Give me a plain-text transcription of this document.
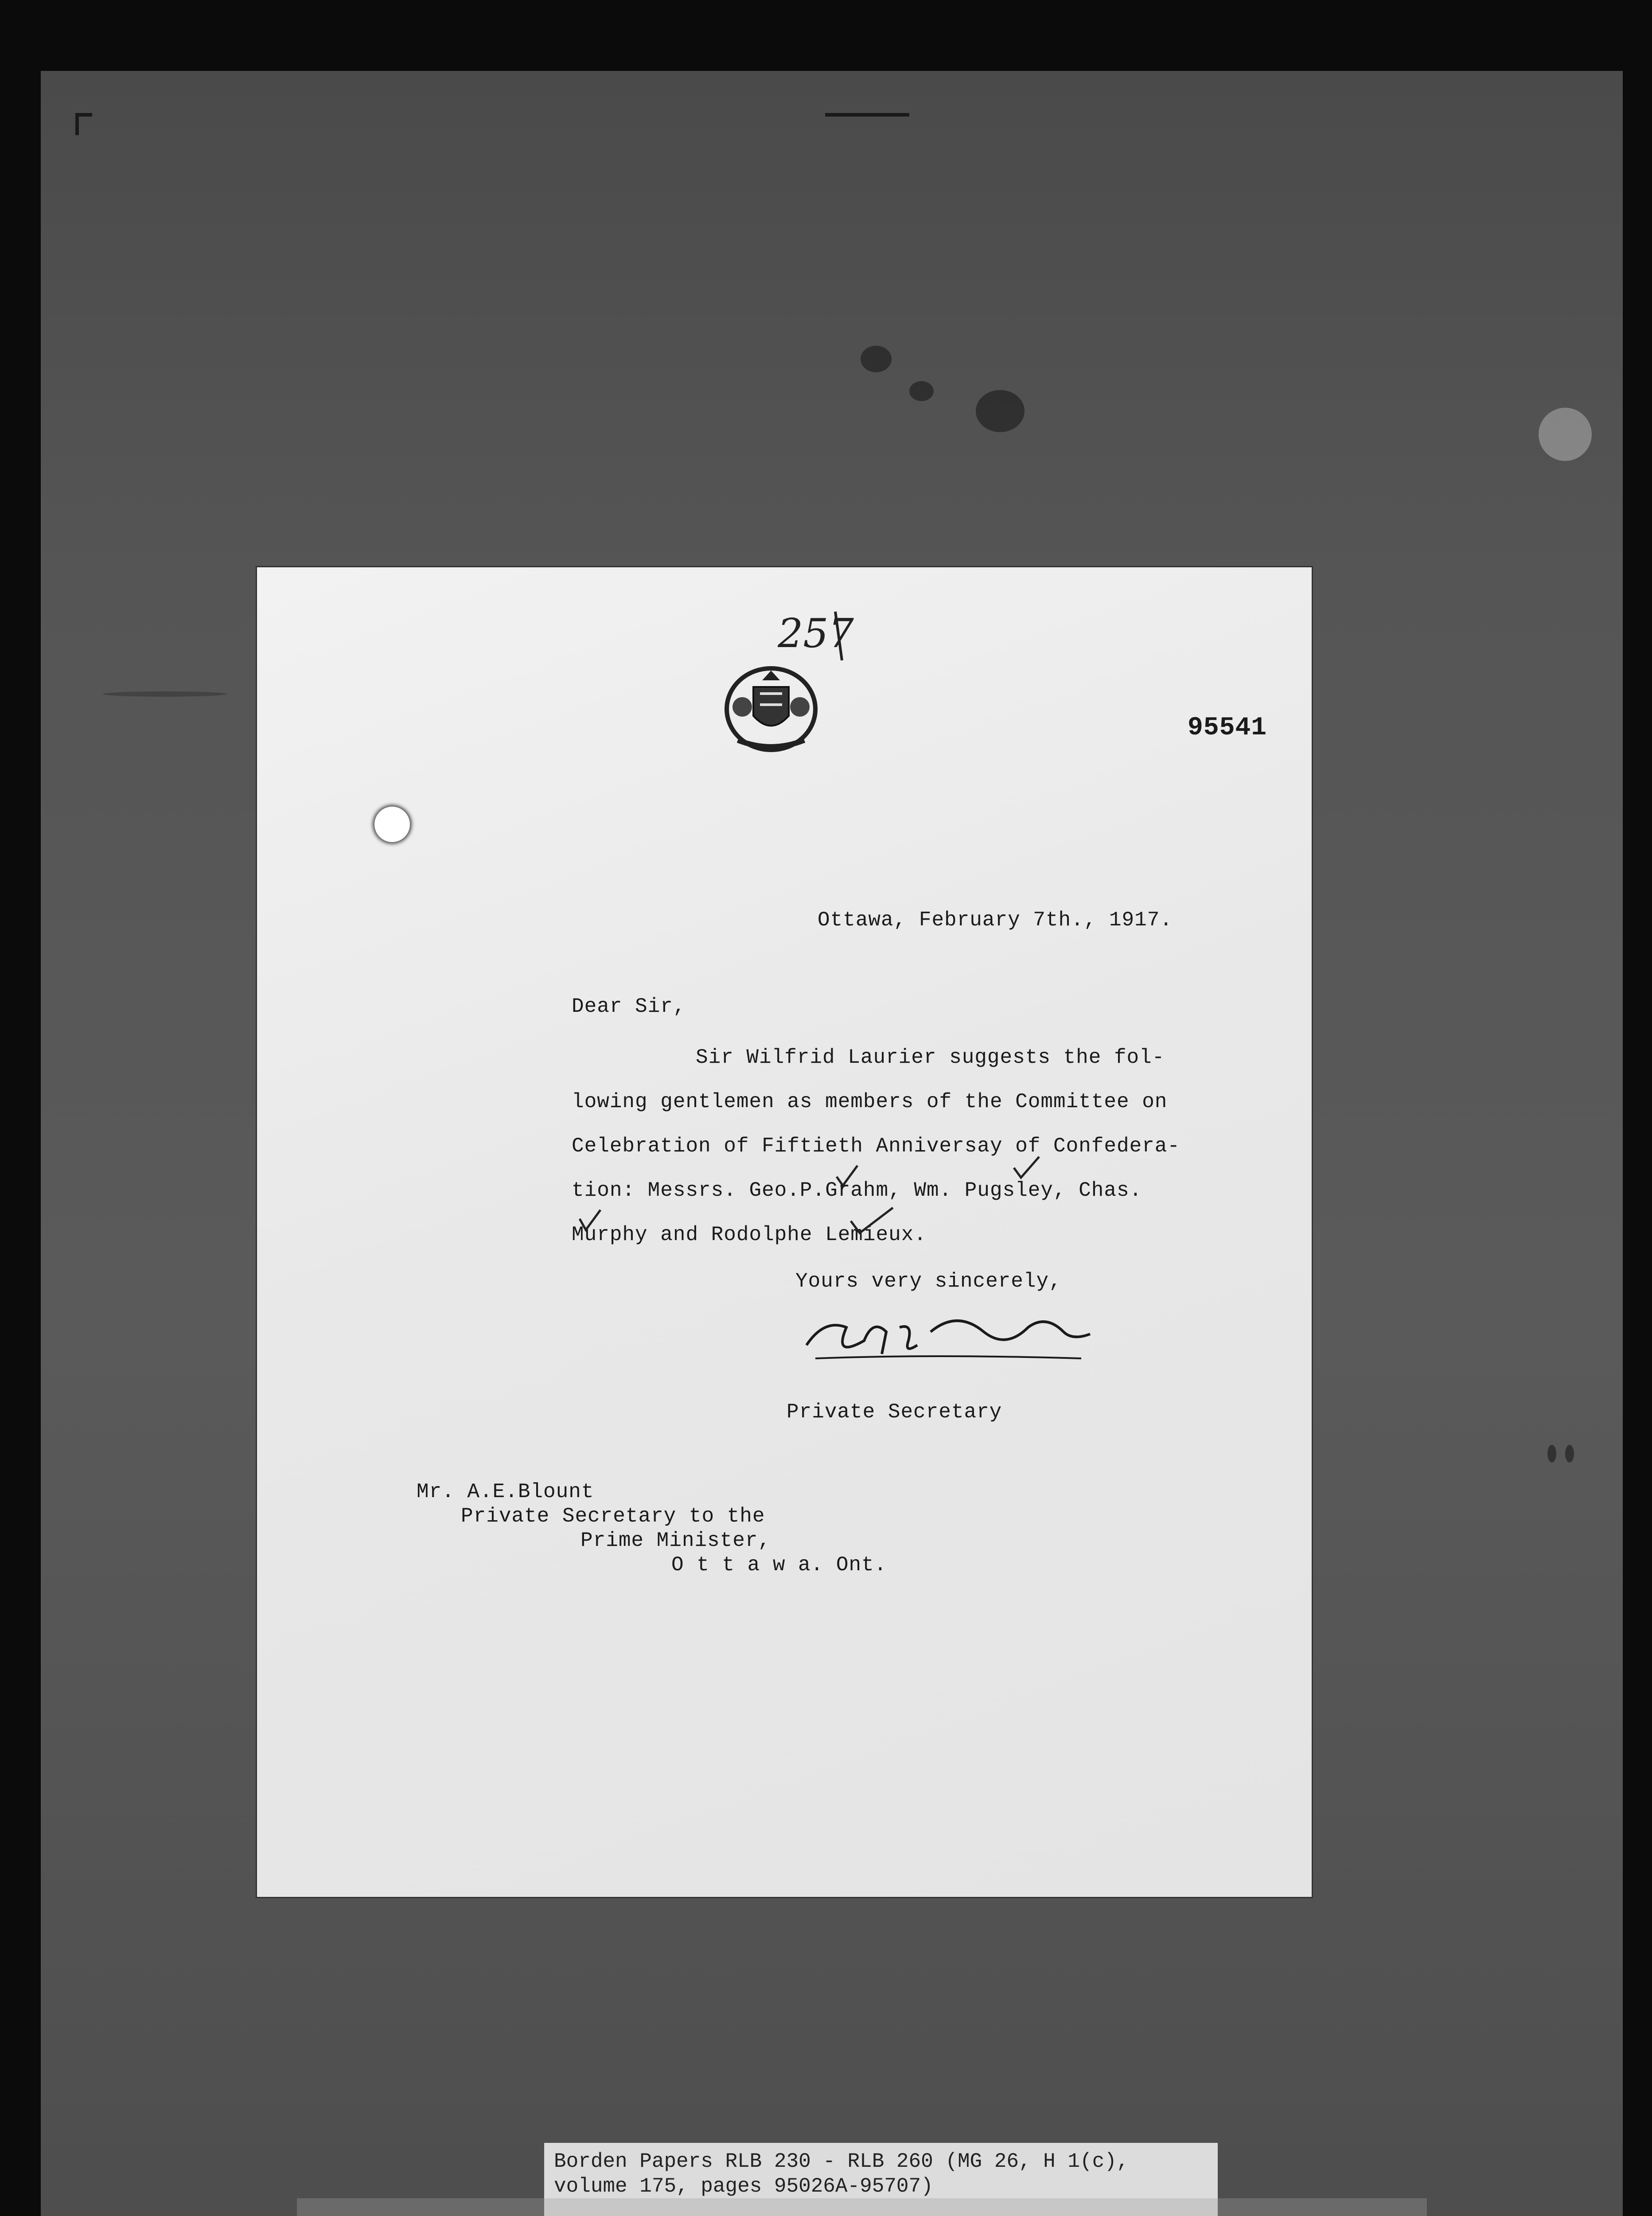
257
95541
Ottawa, February 7th., 1917.
Dear Sir,
Sir Wilfrid Laurier suggests the fol-
lowing gentlemen as members of the Committee on
Celebration of Fiftieth Anniversay of Confedera-
tion: Messrs. Geo.P.Grahm, Wm. Pugsley, Chas.
Murphy and Rodolphe Lemieux.
Yours very sincerely,
Private Secretary
Mr. A.E.Blount
Private Secretary to the
Prime Minister,
O t t a w a. Ont.
Borden Papers RLB 230 - RLB 260 (MG 26, H 1(c),
volume 175, pages 95026A-95707)
